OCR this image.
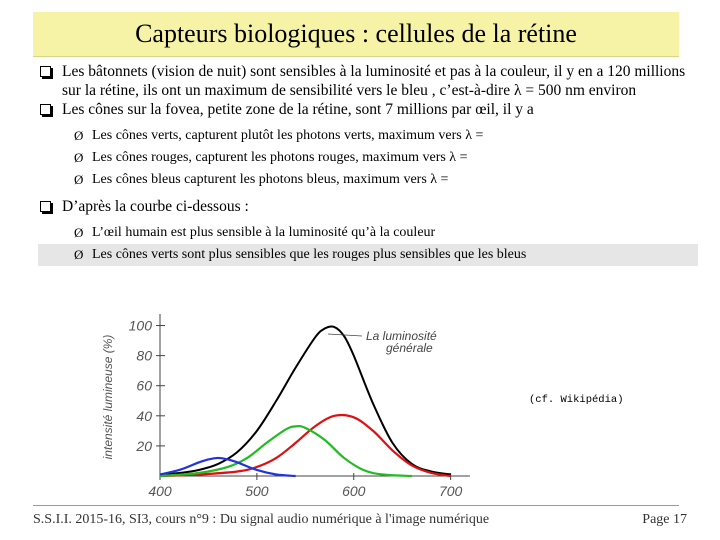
Capteurs biologiques : cellules de la rétine

Les bâtonnets (vision de nuit) sont sensibles à la luminosité et pas à la couleur, il y en a 120 millions sur la rétine, ils ont un maximum de sensibilité vers le bleu , c’est-à-dire λ = 500 nm environ

Les cônes sur la fovea, petite zone de la rétine, sont 7 millions par œil, il y a

Ø Les cônes verts, capturent plutôt les photons verts, maximum vers λ =

Ø Les cônes rouges, capturent les photons rouges, maximum vers λ =

Ø Les cônes bleus capturent les photons bleus, maximum vers λ =

D’après la courbe ci-dessous :

Ø L’œil humain est plus sensible à la luminosité qu’à la couleur

Ø Les cônes verts sont plus sensibles que les rouges plus sensibles que les bleus

20
40
60
80
100
400	500	600	700
intensité lumineuse (%)	La luminosité
générale
(cf. Wikipédia)
S.S.I.I. 2015-16, SI3, cours n°9 : Du signal audio numérique à l'image numérique	Page 17
